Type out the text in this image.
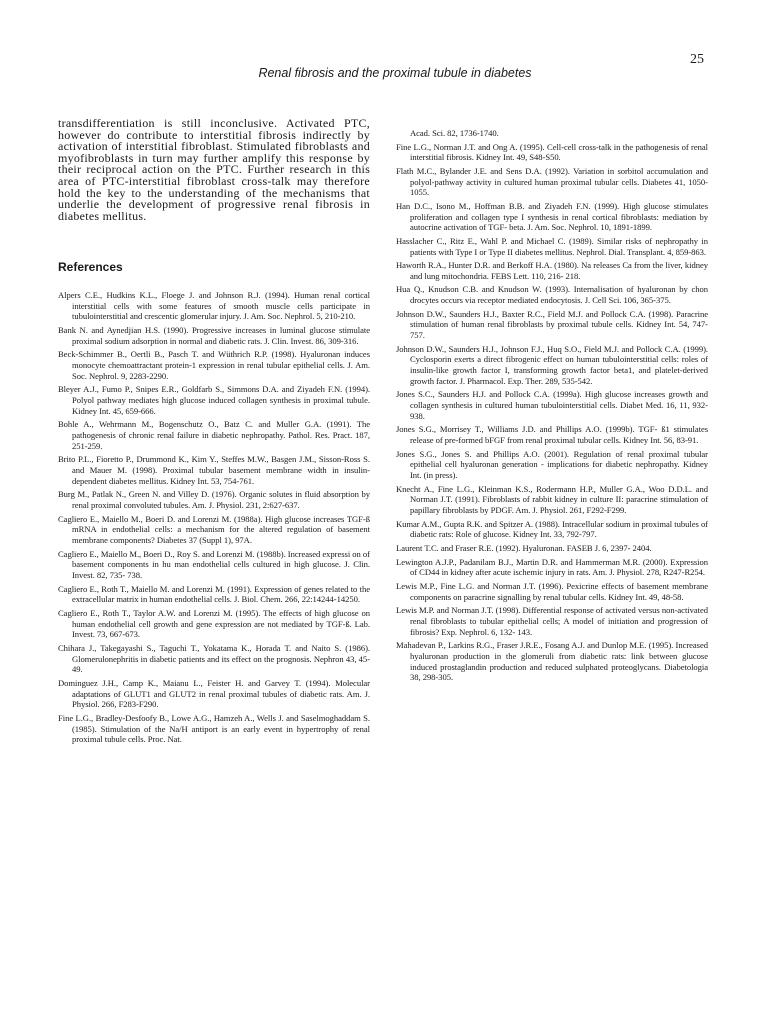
25
Renal fibrosis and the proximal tubule in diabetes

transdifferentiation is still inconclusive. Activated PTC, however do contribute to interstitial fibrosis indirectly by activation of interstitial fibroblast. Stimulated fibroblasts and myofibroblasts in turn may further amplify this response by their reciprocal action on the PTC. Further research in this area of PTC-interstitial fibroblast cross-talk may therefore hold the key to the understanding of the mechanisms that underlie the development of progressive renal fibrosis in diabetes mellitus.

References

Alpers C.E., Hudkins K.L., Floege J. and Johnson R.J. (1994). Human renal cortical interstitial cells with some features of smooth muscle cells participate in tubulointerstitial and crescentic glomerular injury. J. Am. Soc. Nephrol. 5, 210-210.

Bank N. and Aynedjian H.S. (1990). Progressive increases in luminal glucose stimulate proximal sodium adsorption in normal and diabetic rats. J. Clin. Invest. 86, 309-316.

Beck-Schimmer B., Oertli B., Pasch T. and Wüthrich R.P. (1998). Hyaluronan induces monocyte chemoattractant protein-1 expression in renal tubular epithelial cells. J. Am. Soc. Nephrol. 9, 2283-2290.

Bleyer A.J., Fumo P., Snipes E.R., Goldfarb S., Simmons D.A. and Ziyadeh F.N. (1994). Polyol pathway mediates high glucose induced collagen synthesis in proximal tubule. Kidney Int. 45, 659-666.

Bohle A., Wehrmann M., Bogenschutz O., Batz C. and Muller G.A. (1991). The pathogenesis of chronic renal failure in diabetic nephropathy. Pathol. Res. Pract. 187, 251-259.

Brito P.L., Fioretto P., Drummond K., Kim Y., Steffes M.W., Basgen J.M., Sisson-Ross S. and Mauer M. (1998). Proximal tubular basement membrane width in insulin-dependent diabetes mellitus. Kidney Int. 53, 754-761.

Burg M., Patlak N., Green N. and Villey D. (1976). Organic solutes in fluid absorption by renal proximal convoluted tubules. Am. J. Physiol. 231, 2:627-637.

Cagliero E., Maiello M., Boeri D. and Lorenzi M. (1988a). High glucose increases TGF-ß mRNA in endothelial cells: a mechanism for the altered regulation of basement membrane components? Diabetes 37 (Suppl 1), 97A.

Cagliero E., Maiello M., Boeri D., Roy S. and Lorenzi M. (1988b). Increased expressi on of basement components in hu man endothelial cells cultured in high glucose. J. Clin. Invest. 82, 735- 738.

Cagliero E., Roth T., Maiello M. and Lorenzi M. (1991). Expression of genes related to the extracellular matrix in human endothelial cells. J. Biol. Chem. 266, 22:14244-14250.

Cagliero E., Roth T., Taylor A.W. and Lorenzi M. (1995). The effects of high glucose on human endothelial cell growth and gene expression are not mediated by TGF-ß. Lab. Invest. 73, 667-673.

Chihara J., Takegayashi S., Taguchi T., Yokatama K., Horada T. and Naito S. (1986). Glomerulonephritis in diabetic patients and its effect on the prognosis. Nephron 43, 45-49.

Dominguez J.H., Camp K., Maianu L., Feister H. and Garvey T. (1994). Molecular adaptations of GLUT1 and GLUT2 in renal proximal tubules of diabetic rats. Am. J. Physiol. 266, F283-F290.

Fine L.G., Bradley-Desfoofy B., Lowe A.G., Hamzeh A., Wells J. and Saselmoghaddam S. (1985). Stimulation of the Na/H antiport is an early event in hypertrophy of renal proximal tubule cells. Proc. Nat.

Acad. Sci. 82, 1736-1740.

Fine L.G., Norman J.T. and Ong A. (1995). Cell-cell cross-talk in the pathogenesis of renal interstitial fibrosis. Kidney Int. 49, S48-S50.

Flath M.C., Bylander J.E. and Sens D.A. (1992). Variation in sorbitol accumulation and polyol-pathway activity in cultured human proximal tubular cells. Diabetes 41, 1050-1055.

Han D.C., Isono M., Hoffman B.B. and Ziyadeh F.N. (1999). High glucose stimulates proliferation and collagen type I synthesis in renal cortical fibroblasts: mediation by autocrine activation of TGF- beta. J. Am. Soc. Nephrol. 10, 1891-1899.

Hasslacher C., Ritz E., Wahl P. and Michael C. (1989). Similar risks of nephropathy in patients with Type I or Type II diabetes mellitus. Nephrol. Dial. Transplant. 4, 859-863.

Haworth R.A., Hunter D.R. and Berkoff H.A. (1980). Na releases Ca from the liver, kidney and lung mitochondria. FEBS Lett. 110, 216- 218.

Hua Q., Knudson C.B. and Knudson W. (1993). Internalisation of hyaluronan by chon drocytes occurs via receptor mediated endocytosis. J. Cell Sci. 106, 365-375.

Johnson D.W., Saunders H.J., Baxter R.C., Field M.J. and Pollock C.A. (1998). Paracrine stimulation of human renal fibroblasts by proximal tubule cells. Kidney Int. 54, 747-757.

Johnson D.W., Saunders H.J., Johnson F.J., Huq S.O., Field M.J. and Pollock C.A. (1999). Cyclosporin exerts a direct fibrogenic effect on human tubulointerstitial cells: roles of insulin-like growth factor I, transforming growth factor beta1, and platelet-derived growth factor. J. Pharmacol. Exp. Ther. 289, 535-542.

Jones S.C., Saunders H.J. and Pollock C.A. (1999a). High glucose increases growth and collagen synthesis in cultured human tubulointerstitial cells. Diabet Med. 16, 11, 932-938.

Jones S.G., Morrisey T., Williams J.D. and Phillips A.O. (1999b). TGF- ß1 stimulates release of pre-formed bFGF from renal proximal tubular cells. Kidney Int. 56, 83-91.

Jones S.G., Jones S. and Phillips A.O. (2001). Regulation of renal proximal tubular epithelial cell hyaluronan generation - implications for diabetic nephropathy. Kidney Int. (in press).

Knecht A., Fine L.G., Kleinman K.S., Rodermann H.P., Muller G.A., Woo D.D.L. and Norman J.T. (1991). Fibroblasts of rabbit kidney in culture II: paracrine stimulation of papillary fibroblasts by PDGF. Am. J. Physiol. 261, F292-F299.

Kumar A.M., Gupta R.K. and Spitzer A. (1988). Intracellular sodium in proximal tubules of diabetic rats: Role of glucose. Kidney Int. 33, 792-797.

Laurent T.C. and Fraser R.E. (1992). Hyaluronan. FASEB J. 6, 2397- 2404.

Lewington A.J.P., Padanilam B.J., Martin D.R. and Hammerman M.R. (2000). Expression of CD44 in kidney after acute ischemic injury in rats. Am. J. Physiol. 278, R247-R254.

Lewis M.P., Fine L.G. and Norman J.T. (1996). Pexicrine effects of basement membrane components on paracrine signalling by renal tubular cells. Kidney Int. 49, 48-58.

Lewis M.P. and Norman J.T. (1998). Differential response of activated versus non-activated renal fibroblasts to tubular epithelial cells; A model of initiation and progression of fibrosis? Exp. Nephrol. 6, 132- 143.

Mahadevan P., Larkins R.G., Fraser J.R.E., Fosang A.J. and Dunlop M.E. (1995). Increased hyaluronan production in the glomeruli from diabetic rats: link between glucose induced prostaglandin production and reduced sulphated proteoglycans. Diabetologia 38, 298-305.
